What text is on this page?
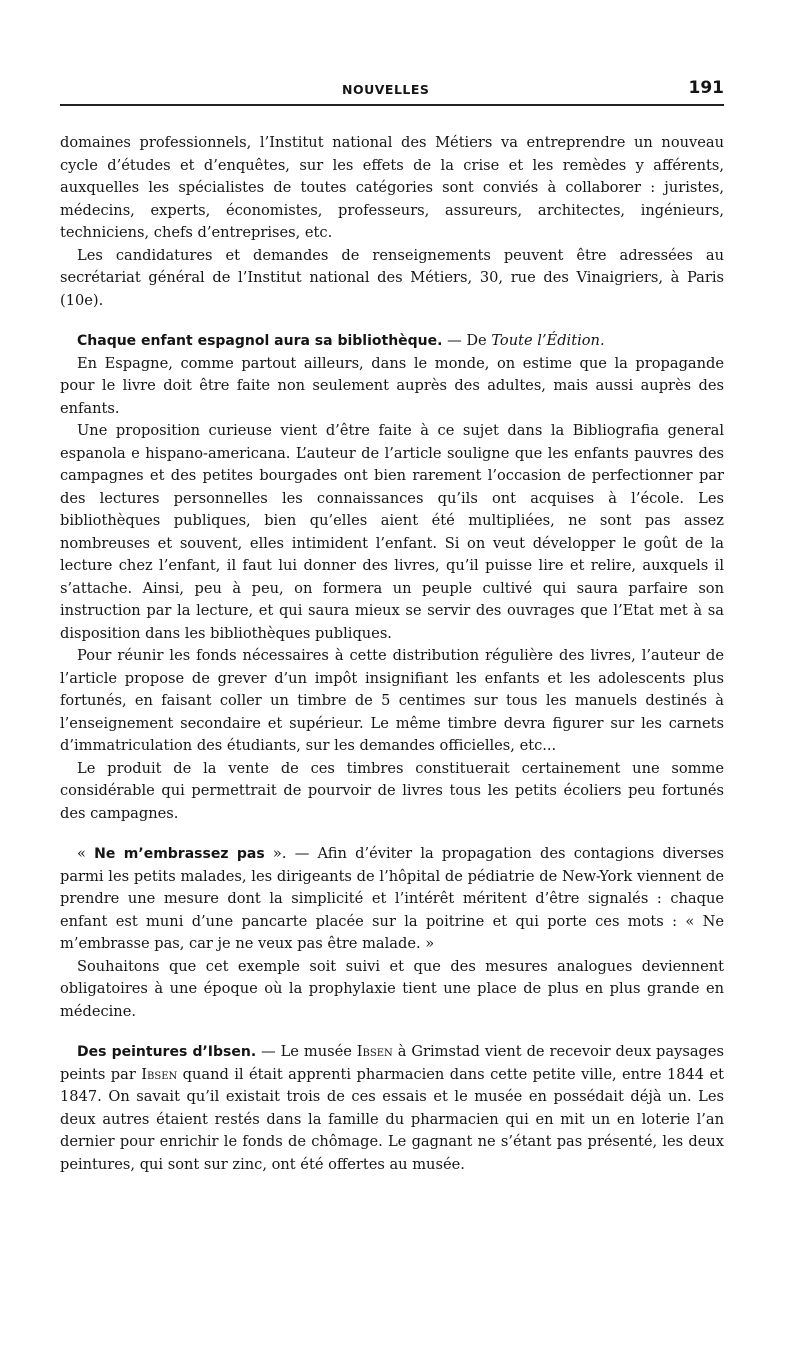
NOUVELLES	191

domaines professionnels, l’Institut national des Métiers va entreprendre un nouveau cycle d’études et d’enquêtes, sur les effets de la crise et les remèdes y afférents, auxquelles les spécialistes de toutes catégories sont conviés à collaborer : juristes, médecins, experts, économistes, professeurs, assureurs, architectes, ingénieurs, techniciens, chefs d’entreprises, etc.

Les candidatures et demandes de renseignements peuvent être adressées au secrétariat général de l’Institut national des Métiers, 30, rue des Vinaigriers, à Paris (10e).

Chaque enfant espagnol aura sa bibliothèque. — De Toute l’Édition.

En Espagne, comme partout ailleurs, dans le monde, on estime que la propagande pour le livre doit être faite non seulement auprès des adultes, mais aussi auprès des enfants.

Une proposition curieuse vient d’être faite à ce sujet dans la Bibliografia general espanola e hispano-americana. L’auteur de l’article souligne que les enfants pauvres des campagnes et des petites bourgades ont bien rarement l’occasion de perfectionner par des lectures personnelles les connaissances qu’ils ont acquises à l’école. Les bibliothèques publiques, bien qu’elles aient été multipliées, ne sont pas assez nombreuses et souvent, elles intimident l’enfant. Si on veut développer le goût de la lecture chez l’enfant, il faut lui donner des livres, qu’il puisse lire et relire, auxquels il s’attache. Ainsi, peu à peu, on formera un peuple cultivé qui saura parfaire son instruction par la lecture, et qui saura mieux se servir des ouvrages que l’Etat met à sa disposition dans les bibliothèques publiques.

Pour réunir les fonds nécessaires à cette distribution régulière des livres, l’auteur de l’article propose de grever d’un impôt insignifiant les enfants et les adolescents plus fortunés, en faisant coller un timbre de 5 centimes sur tous les manuels destinés à l’enseignement secondaire et supérieur. Le même timbre devra figurer sur les carnets d’immatriculation des étudiants, sur les demandes officielles, etc...

Le produit de la vente de ces timbres constituerait certainement une somme considérable qui permettrait de pourvoir de livres tous les petits écoliers peu fortunés des campagnes.

« Ne m’embrassez pas ». — Afin d’éviter la propagation des contagions diverses parmi les petits malades, les dirigeants de l’hôpital de pédiatrie de New-York viennent de prendre une mesure dont la simplicité et l’intérêt méritent d’être signalés : chaque enfant est muni d’une pancarte placée sur la poitrine et qui porte ces mots : « Ne m’embrasse pas, car je ne veux pas être malade. »

Souhaitons que cet exemple soit suivi et que des mesures analogues deviennent obligatoires à une époque où la prophylaxie tient une place de plus en plus grande en médecine.

Des peintures d’Ibsen. — Le musée Ibsen à Grimstad vient de recevoir deux paysages peints par Ibsen quand il était apprenti pharmacien dans cette petite ville, entre 1844 et 1847. On savait qu’il existait trois de ces essais et le musée en possédait déjà un. Les deux autres étaient restés dans la famille du pharmacien qui en mit un en loterie l’an dernier pour enrichir le fonds de chômage. Le gagnant ne s’étant pas présenté, les deux peintures, qui sont sur zinc, ont été offertes au musée.
